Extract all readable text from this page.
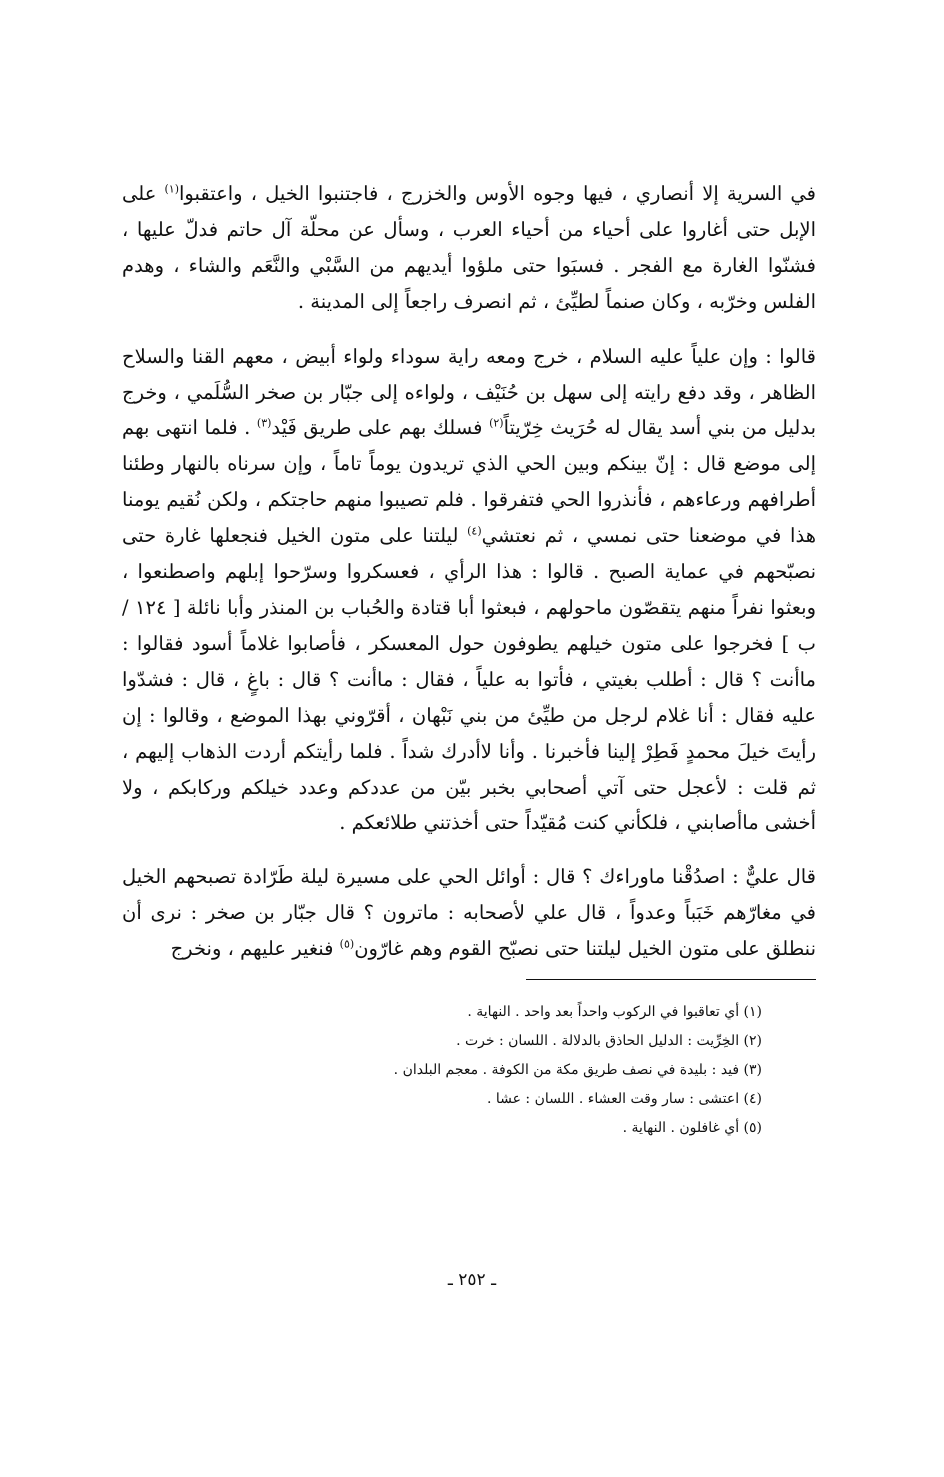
في السرية إلا أنصاري ، فيها وجوه الأوس والخزرج ، فاجتنبوا الخيل ، واعتقبوا$^{(١)}$ على الإبل حتى أغاروا على أحياء من أحياء العرب ، وسأل عن محلّة آل حاتم فدلّ عليها ، فشنّوا الغارة مع الفجر . فسبَوا حتى ملؤوا أيديهم من السَّبْي والنَّعَم والشاء ، وهدم الفلس وخرّبه ، وكان صنماً لطيِّئ ، ثم انصرف راجعاً إلى المدينة .

قالوا : وإن علياً عليه السلام ، خرج ومعه راية سوداء ولواء أبيض ، معهم القنا والسلاح الظاهر ، وقد دفع رايته إلى سهل بن حُنَيْف ، ولواءه إلى جبّار بن صخر السُّلَمي ، وخرج بدليل من بني أسد يقال له حُرَيث خِرّيتاً$^{(٢)}$ فسلك بهم على طريق فَيْد$^{(٣)}$ . فلما انتهى بهم إلى موضع قال : إنّ بينكم وبين الحي الذي تريدون يوماً تاماً ، وإن سرناه بالنهار وطئنا أطرافهم ورعاءهم ، فأنذروا الحي فتفرقوا . فلم تصيبوا منهم حاجتكم ، ولكن نُقيم يومنا هذا في موضعنا حتى نمسي ، ثم نعتشي$^{(٤)}$ ليلتنا على متون الخيل فنجعلها غارة حتى نصبّحهم في عماية الصبح . قالوا : هذا الرأي ، فعسكروا وسرّحوا إبلهم واصطنعوا ، وبعثوا نفراً منهم يتقصّون ماحولهم ، فبعثوا أبا قتادة والحُباب بن المنذر وأبا نائلة [ ١٢٤ / ب ] فخرجوا على متون خيلهم يطوفون حول المعسكر ، فأصابوا غلاماً أسود فقالوا : ماأنت ؟ قال : أطلب بغيتي ، فأتوا به علياً ، فقال : ماأنت ؟ قال : باغٍ ، قال : فشدّوا عليه فقال : أنا غلام لرجل من طيِّئ من بني نَبْهان ، أقرّوني بهذا الموضع ، وقالوا : إن رأيتَ خيلَ محمدٍ فَطِرْ إلينا فأخبرنا . وأنا لاأدرك شداً . فلما رأيتكم أردت الذهاب إليهم ، ثم قلت : لأعجل حتى آتي أصحابي بخبر بيّن من عددكم وعدد خيلكم وركابكم ، ولا أخشى ماأصابني ، فلكأني كنت مُقيّداً حتى أخذتني طلائعكم .

قال عليٌّ : اصدُقْنا ماوراءك ؟ قال : أوائل الحي على مسيرة ليلة طَرّادة تصبحهم الخيل في مغارّهم خَبَباً وعدواً ، قال علي لأصحابه : ماترون ؟ قال جبّار بن صخر : نرى أن ننطلق على متون الخيل ليلتنا حتى نصبّح القوم وهم غارّون$^{(٥)}$ فنغير عليهم ، ونخرج

(١) أي تعاقبوا في الركوب واحداً بعد واحد . النهاية .
(٢) الخِرِّيت : الدليل الحاذق بالدلالة . اللسان : خرت .
(٣) فيد : بليدة في نصف طريق مكة من الكوفة . معجم البلدان .
(٤) اعتشى : سار وقت العشاء . اللسان : عشا .
(٥) أي غافلون . النهاية .
ـ ٢٥٢ ـ
